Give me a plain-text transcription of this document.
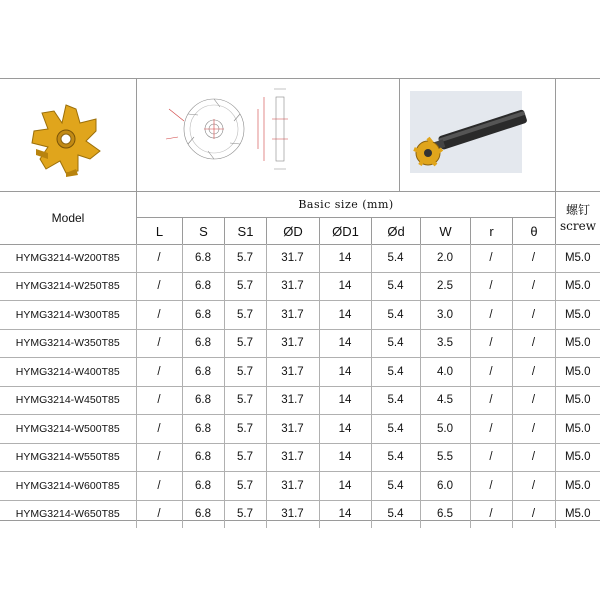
Model
Basic size (mm)	螺钉
screw
L	S	S1	ØD	ØD1	Ød	W	r	θ
HYMG3214-W200T85	/	6.8	5.7	31.7	14	5.4	2.0	/	/	M5.0
HYMG3214-W250T85	/	6.8	5.7	31.7	14	5.4	2.5	/	/	M5.0
HYMG3214-W300T85	/	6.8	5.7	31.7	14	5.4	3.0	/	/	M5.0
HYMG3214-W350T85	/	6.8	5.7	31.7	14	5.4	3.5	/	/	M5.0
HYMG3214-W400T85	/	6.8	5.7	31.7	14	5.4	4.0	/	/	M5.0
HYMG3214-W450T85	/	6.8	5.7	31.7	14	5.4	4.5	/	/	M5.0
HYMG3214-W500T85	/	6.8	5.7	31.7	14	5.4	5.0	/	/	M5.0
HYMG3214-W550T85	/	6.8	5.7	31.7	14	5.4	5.5	/	/	M5.0
HYMG3214-W600T85	/	6.8	5.7	31.7	14	5.4	6.0	/	/	M5.0
HYMG3214-W650T85	/	6.8	5.7	31.7	14	5.4	6.5	/	/	M5.0
